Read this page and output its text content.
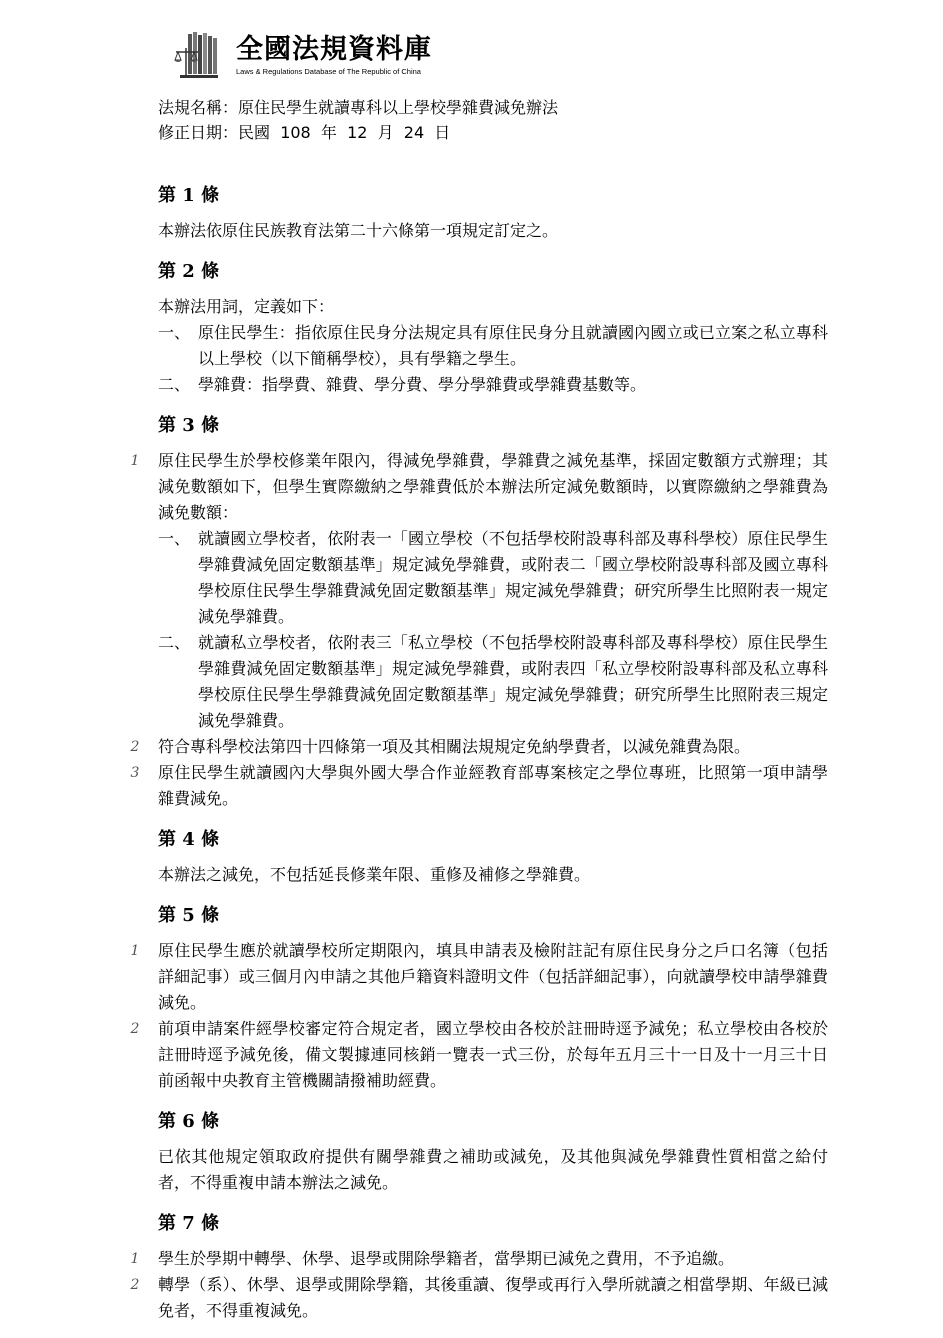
全國法規資料庫
Laws & Regulations Database of The Republic of China
法規名稱：原住民學生就讀專科以上學校學雜費減免辦法
修正日期：民國  108  年  12  月  24  日
第 1 條
本辦法依原住民族教育法第二十六條第一項規定訂定之。
第 2 條
本辦法用詞，定義如下：
一、 原住民學生：指依原住民身分法規定具有原住民身分且就讀國內國立或已立案之私立專科以上學校（以下簡稱學校），具有學籍之學生。
二、 學雜費：指學費、雜費、學分費、學分學雜費或學雜費基數等。
第 3 條
1 原住民學生於學校修業年限內，得減免學雜費，學雜費之減免基準，採固定數額方式辦理；其減免數額如下，但學生實際繳納之學雜費低於本辦法所定減免數額時，以實際繳納之學雜費為減免數額：
一、 就讀國立學校者，依附表一「國立學校（不包括學校附設專科部及專科學校）原住民學生學雜費減免固定數額基準」規定減免學雜費，或附表二「國立學校附設專科部及國立專科學校原住民學生學雜費減免固定數額基準」規定減免學雜費；研究所學生比照附表一規定減免學雜費。
二、 就讀私立學校者，依附表三「私立學校（不包括學校附設專科部及專科學校）原住民學生學雜費減免固定數額基準」規定減免學雜費，或附表四「私立學校附設專科部及私立專科學校原住民學生學雜費減免固定數額基準」規定減免學雜費；研究所學生比照附表三規定減免學雜費。
2 符合專科學校法第四十四條第一項及其相關法規規定免納學費者，以減免雜費為限。
3 原住民學生就讀國內大學與外國大學合作並經教育部專案核定之學位專班，比照第一項申請學雜費減免。
第 4 條
本辦法之減免，不包括延長修業年限、重修及補修之學雜費。
第 5 條
1 原住民學生應於就讀學校所定期限內，填具申請表及檢附註記有原住民身分之戶口名簿（包括詳細記事）或三個月內申請之其他戶籍資料證明文件（包括詳細記事），向就讀學校申請學雜費減免。
2 前項申請案件經學校審定符合規定者，國立學校由各校於註冊時逕予減免；私立學校由各校於註冊時逕予減免後，備文製據連同核銷一覽表一式三份，於每年五月三十一日及十一月三十日前函報中央教育主管機關請撥補助經費。
第 6 條
已依其他規定領取政府提供有關學雜費之補助或減免，及其他與減免學雜費性質相當之給付者，不得重複申請本辦法之減免。
第 7 條
1 學生於學期中轉學、休學、退學或開除學籍者，當學期已減免之費用，不予追繳。
2 轉學（系）、休學、退學或開除學籍，其後重讀、復學或再行入學所就讀之相當學期、年級已減免者，不得重複減免。
